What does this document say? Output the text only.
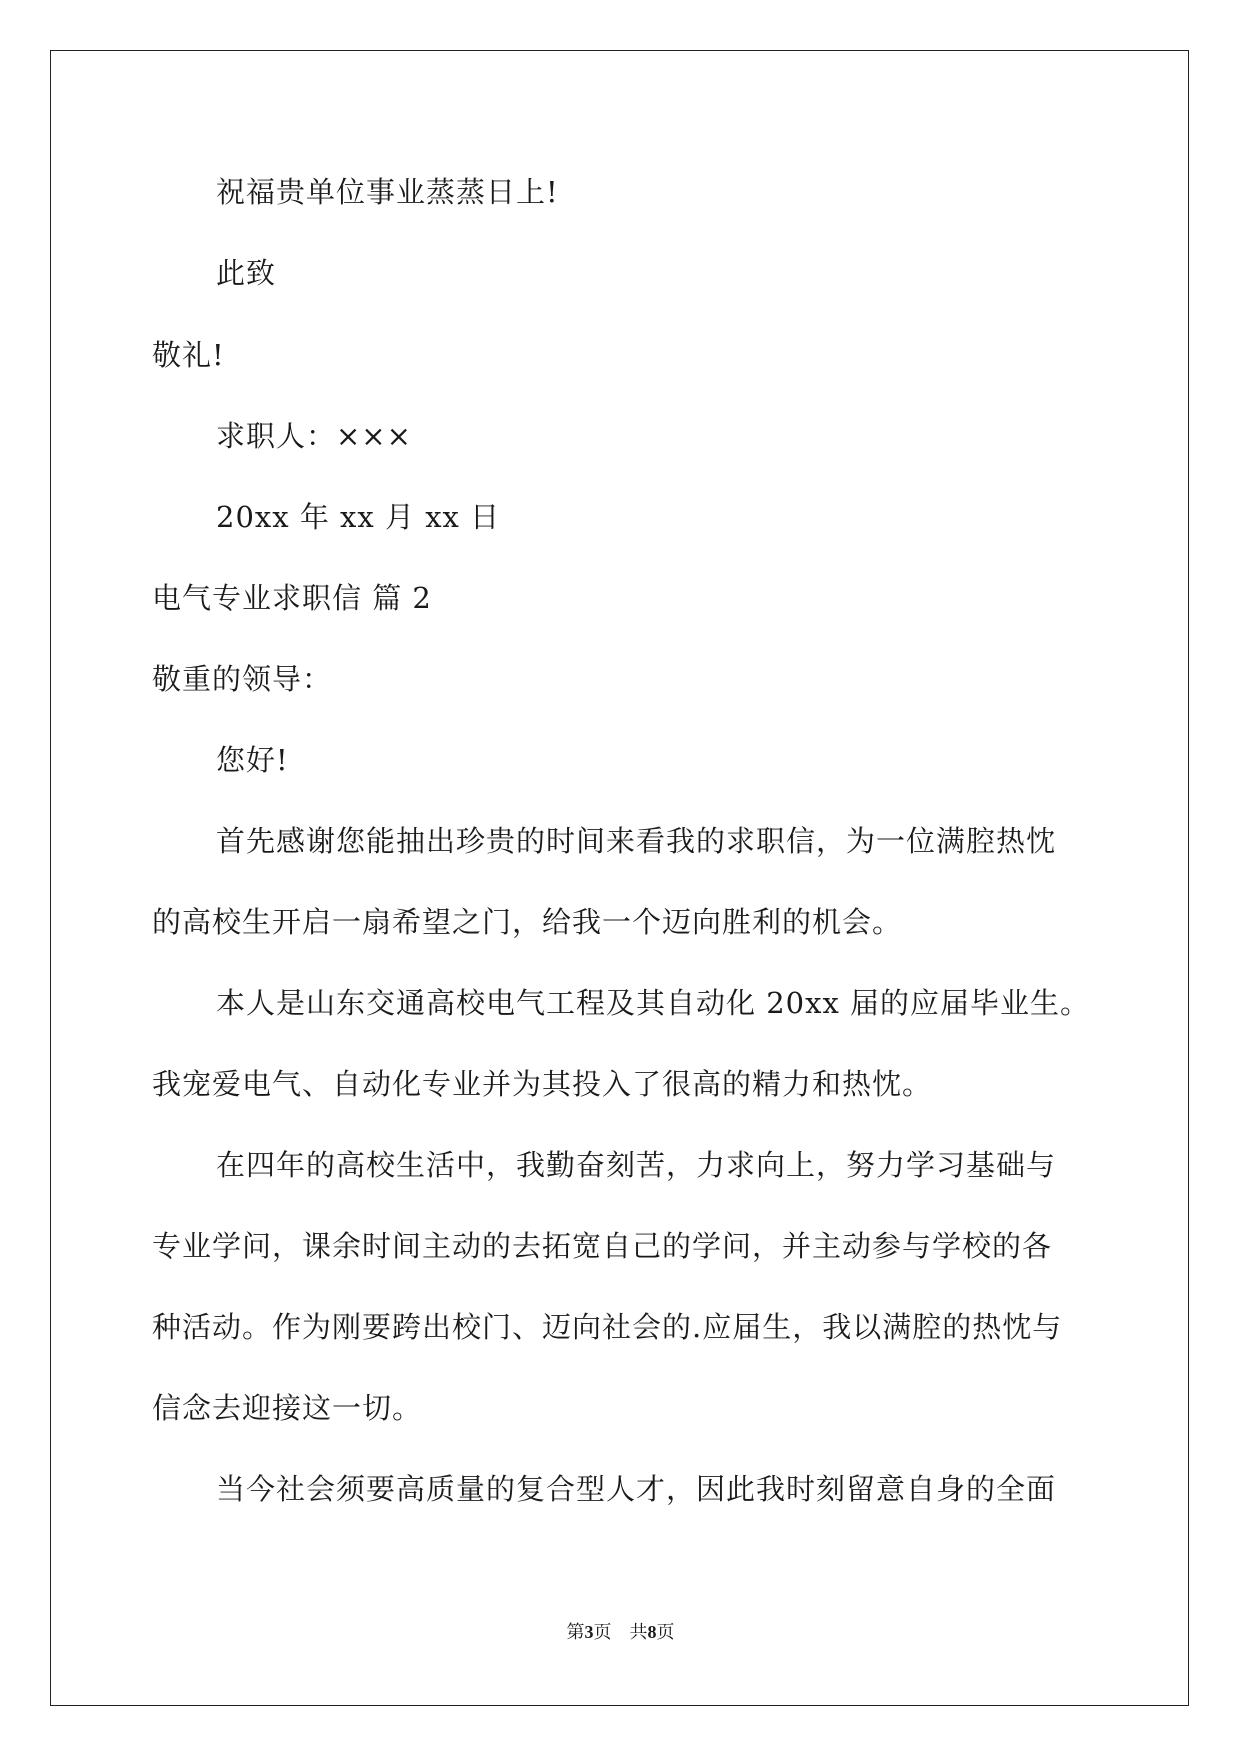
祝福贵单位事业蒸蒸日上!
此致
敬礼!
求职人：×××
20xx 年 xx 月 xx 日
电气专业求职信 篇 2
敬重的领导：
您好!
首先感谢您能抽出珍贵的时间来看我的求职信，为一位满腔热忱
的高校生开启一扇希望之门，给我一个迈向胜利的机会。
本人是山东交通高校电气工程及其自动化 20xx 届的应届毕业生。
我宠爱电气、自动化专业并为其投入了很高的精力和热忱。
在四年的高校生活中，我勤奋刻苦，力求向上，努力学习基础与
专业学问，课余时间主动的去拓宽自己的学问，并主动参与学校的各
种活动。作为刚要跨出校门、迈向社会的.应届生，我以满腔的热忱与
信念去迎接这一切。
当今社会须要高质量的复合型人才，因此我时刻留意自身的全面
第3页 共8页
